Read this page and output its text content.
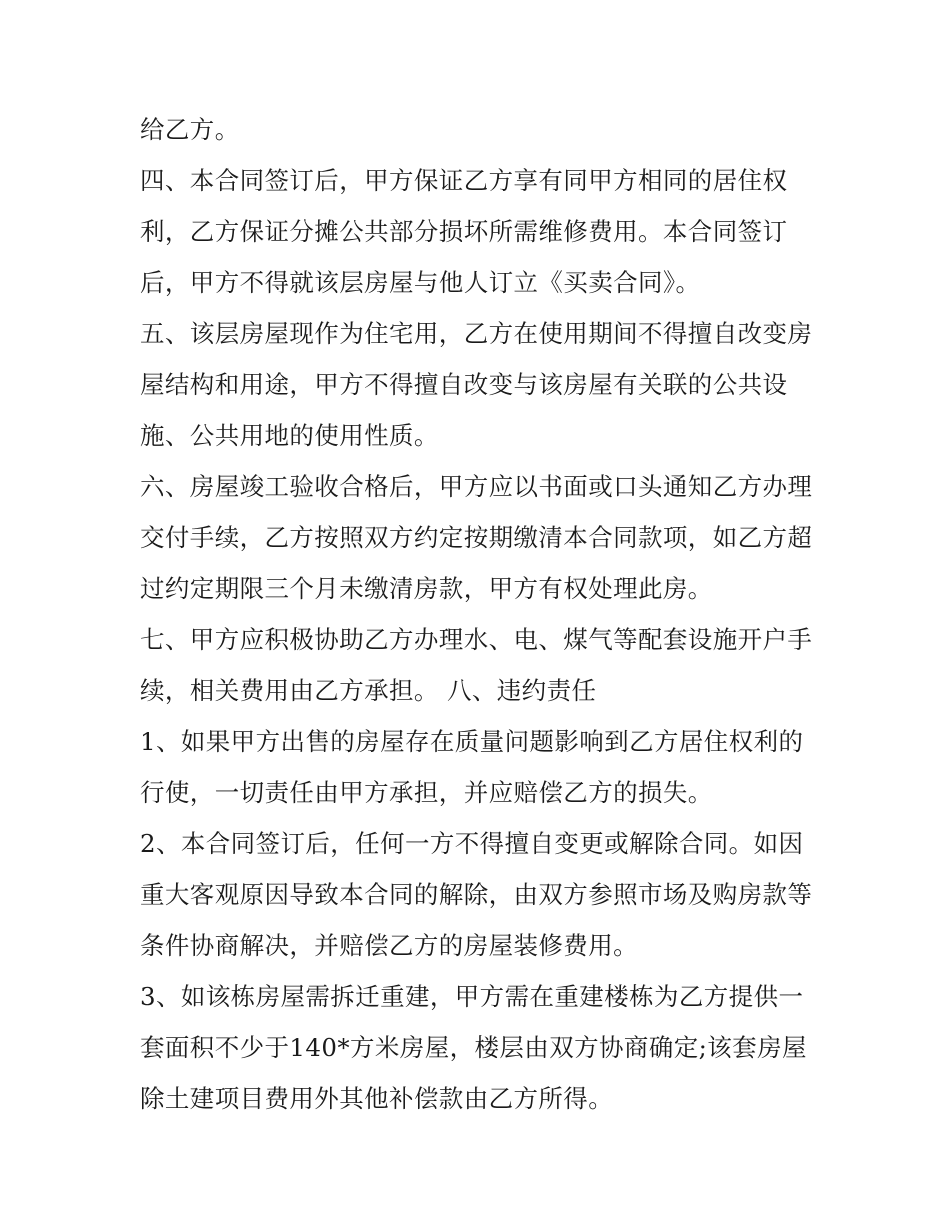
给乙方。
四、本合同签订后，甲方保证乙方享有同甲方相同的居住权
利，乙方保证分摊公共部分损坏所需维修费用。本合同签订
后，甲方不得就该层房屋与他人订立《买卖合同》。
五、该层房屋现作为住宅用，乙方在使用期间不得擅自改变房
屋结构和用途，甲方不得擅自改变与该房屋有关联的公共设
施、公共用地的使用性质。
六、房屋竣工验收合格后，甲方应以书面或口头通知乙方办理
交付手续，乙方按照双方约定按期缴清本合同款项，如乙方超
过约定期限三个月未缴清房款，甲方有权处理此房。
七、甲方应积极协助乙方办理水、电、煤气等配套设施开户手
续，相关费用由乙方承担。 八、违约责任
1、如果甲方出售的房屋存在质量问题影响到乙方居住权利的
行使，一切责任由甲方承担，并应赔偿乙方的损失。
2、本合同签订后，任何一方不得擅自变更或解除合同。如因
重大客观原因导致本合同的解除，由双方参照市场及购房款等
条件协商解决，并赔偿乙方的房屋装修费用。
3、如该栋房屋需拆迁重建，甲方需在重建楼栋为乙方提供一
套面积不少于140*方米房屋，楼层由双方协商确定;该套房屋
除土建项目费用外其他补偿款由乙方所得。
